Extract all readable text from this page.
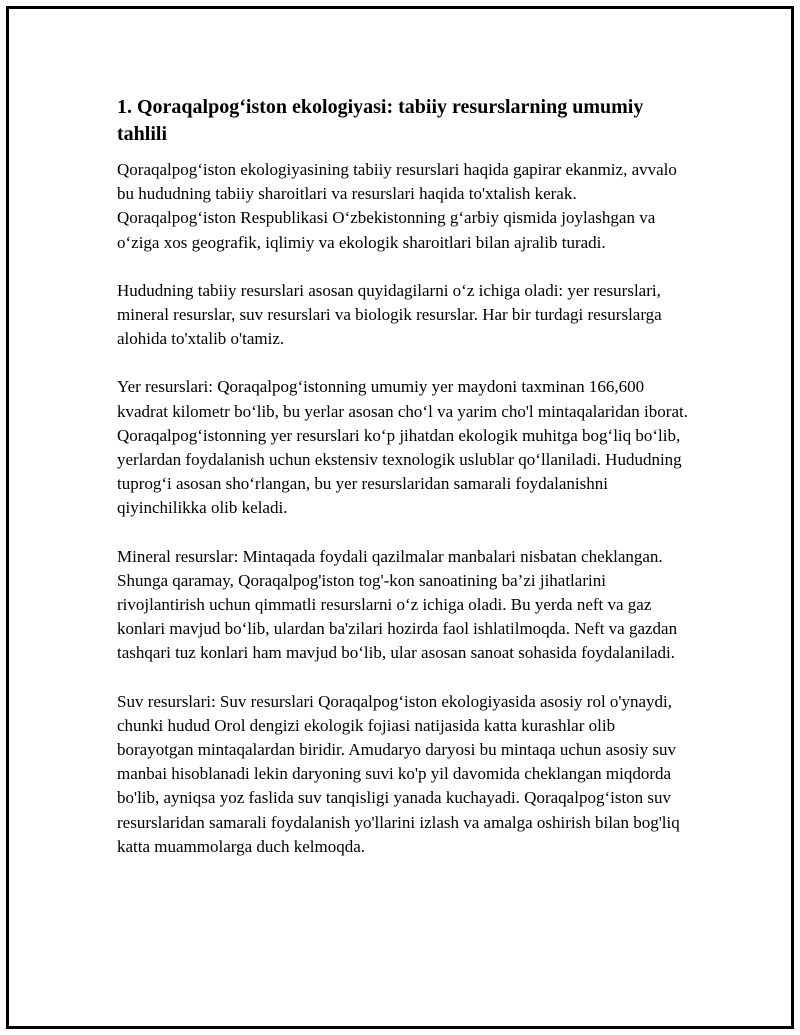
1. Qoraqalpog‘iston ekologiyasi: tabiiy resurslarning umumiy tahlili

Qoraqalpog‘iston ekologiyasining tabiiy resurslari haqida gapirar ekanmiz, avvalo bu hududning tabiiy sharoitlari va resurslari haqida to'xtalish kerak. Qoraqalpog‘iston Respublikasi O‘zbekistonning g‘arbiy qismida joylashgan va o‘ziga xos geografik, iqlimiy va ekologik sharoitlari bilan ajralib turadi.

Hududning tabiiy resurslari asosan quyidagilarni o‘z ichiga oladi: yer resurslari, mineral resurslar, suv resurslari va biologik resurslar. Har bir turdagi resurslarga alohida to'xtalib o'tamiz.

Yer resurslari: Qoraqalpog‘istonning umumiy yer maydoni taxminan 166,600 kvadrat kilometr bo‘lib, bu yerlar asosan cho‘l va yarim cho'l mintaqalaridan iborat. Qoraqalpog‘istonning yer resurslari ko‘p jihatdan ekologik muhitga bog‘liq bo‘lib, yerlardan foydalanish uchun ekstensiv texnologik uslublar qo‘llaniladi. Hududning tuprog‘i asosan sho‘rlangan, bu yer resurslaridan samarali foydalanishni qiyinchilikka olib keladi.

Mineral resurslar: Mintaqada foydali qazilmalar manbalari nisbatan cheklangan. Shunga qaramay, Qoraqalpog'iston tog'-kon sanoatining ba’zi jihatlarini rivojlantirish uchun qimmatli resurslarni o‘z ichiga oladi. Bu yerda neft va gaz konlari mavjud bo‘lib, ulardan ba'zilari hozirda faol ishlatilmoqda. Neft va gazdan tashqari tuz konlari ham mavjud bo‘lib, ular asosan sanoat sohasida foydalaniladi.

Suv resurslari: Suv resurslari Qoraqalpog‘iston ekologiyasida asosiy rol o'ynaydi, chunki hudud Orol dengizi ekologik fojiasi natijasida katta kurashlar olib borayotgan mintaqalardan biridir. Amudaryo daryosi bu mintaqa uchun asosiy suv manbai hisoblanadi lekin daryoning suvi ko'p yil davomida cheklangan miqdorda bo'lib, ayniqsa yoz faslida suv tanqisligi yanada kuchayadi. Qoraqalpog‘iston suv resurslaridan samarali foydalanish yo'llarini izlash va amalga oshirish bilan bog'liq katta muammolarga duch kelmoqda.
